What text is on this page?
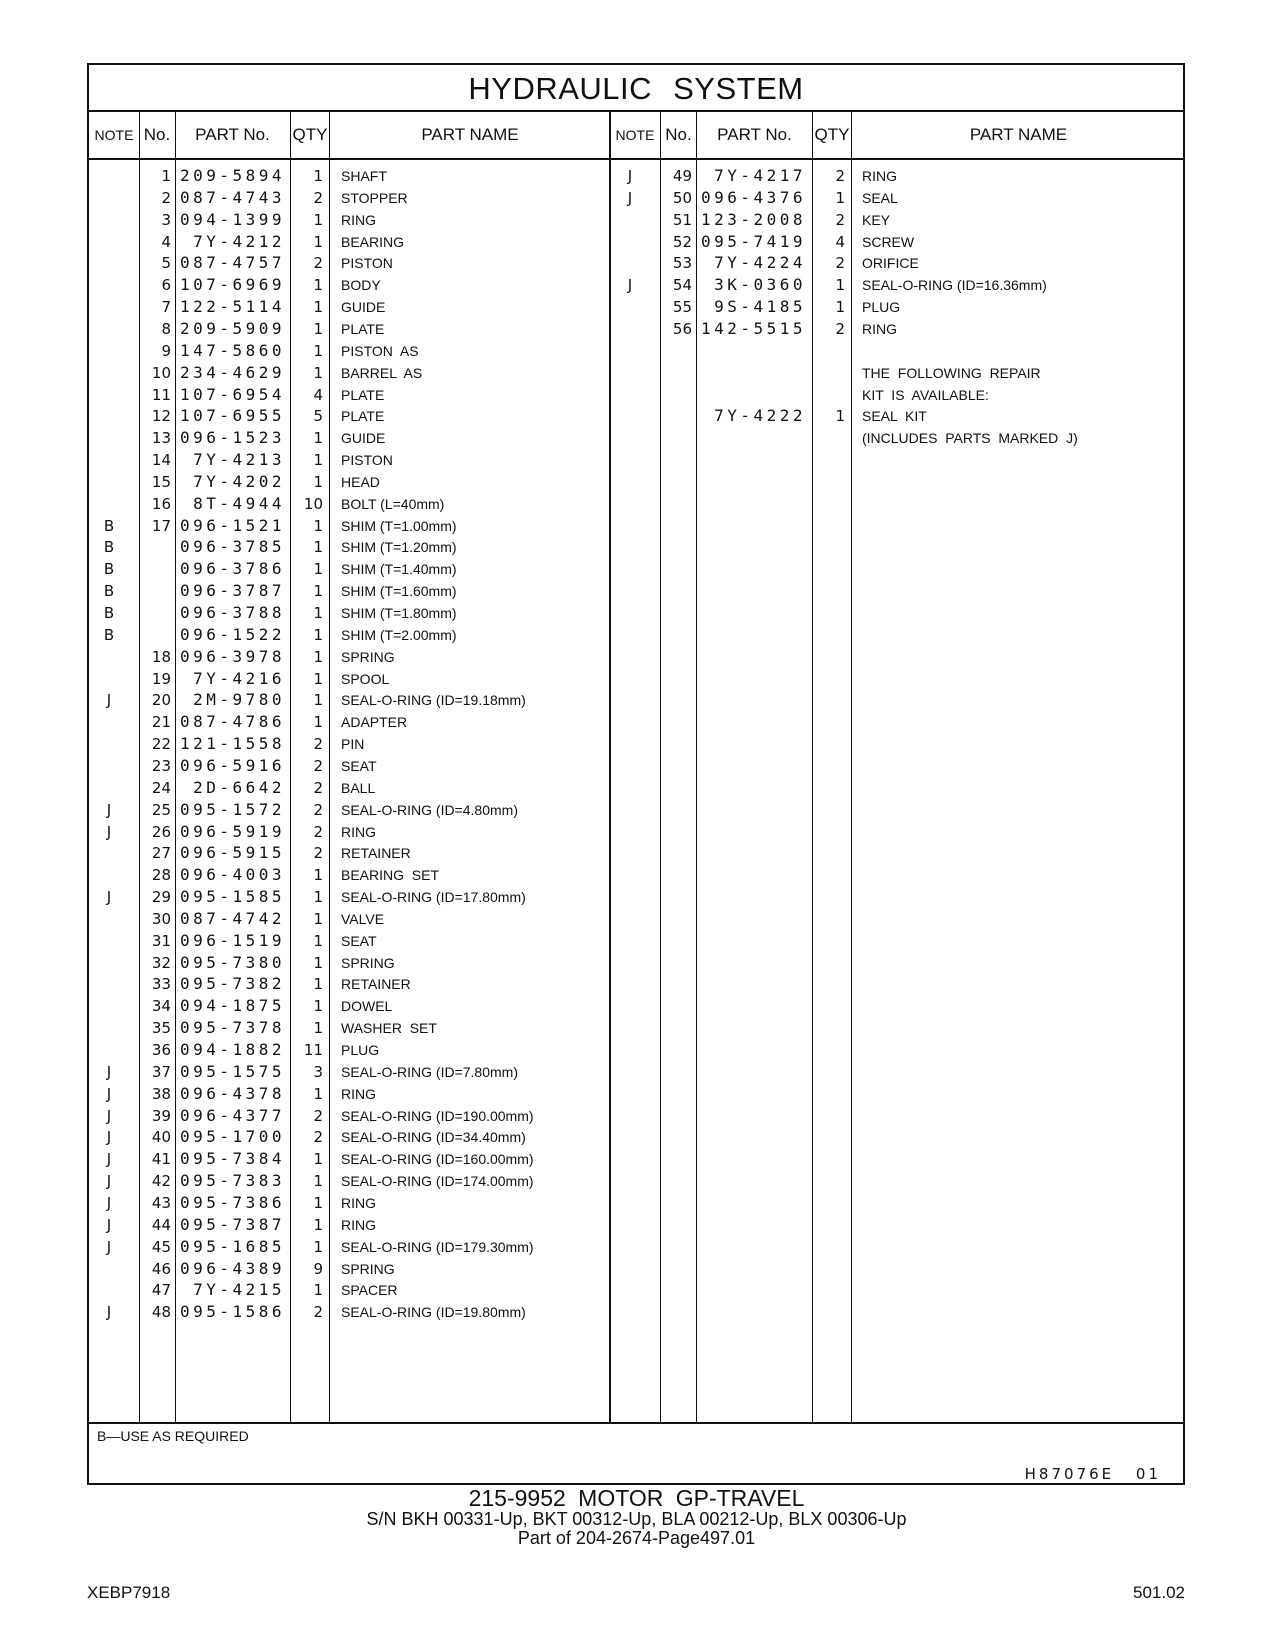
HYDRAULIC SYSTEM
NOTE No.	PART No.	QTY	PART NAME	NOTE No.	PART No.	QTY	PART NAME
1 209-5894	1 SHAFT
2 087-4743	2 STOPPER
3 094-1399	1 RING
4	7Y-4212	1 BEARING
5 087-4757	2 PISTON
6 107-6969	1 BODY
7 122-5114	1 GUIDE
8 209-5909	1 PLATE
9 147-5860	1 PISTON  AS
10 234-4629	1 BARREL  AS
11 107-6954	4 PLATE
12 107-6955	5 PLATE
13 096-1523	1 GUIDE
14	7Y-4213	1 PISTON
15	7Y-4202	1 HEAD
16	8T-4944	10 BOLT (L=40mm)
B	17 096-1521	1 SHIM (T=1.00mm)
B	096-3785	1 SHIM (T=1.20mm)
B	096-3786	1 SHIM (T=1.40mm)
B	096-3787	1 SHIM (T=1.60mm)
B	096-3788	1 SHIM (T=1.80mm)
B	096-1522	1 SHIM (T=2.00mm)
18 096-3978	1 SPRING
19	7Y-4216	1 SPOOL
J	20	2M-9780	1 SEAL-O-RING (ID=19.18mm)
21 087-4786	1 ADAPTER
22 121-1558	2 PIN
23 096-5916	2 SEAT
24	2D-6642	2 BALL
J	25 095-1572	2 SEAL-O-RING (ID=4.80mm)
J	26 096-5919	2 RING
27 096-5915	2 RETAINER
28 096-4003	1 BEARING  SET
J	29 095-1585	1 SEAL-O-RING (ID=17.80mm)
30 087-4742	1 VALVE
31 096-1519	1 SEAT
32 095-7380	1 SPRING
33 095-7382	1 RETAINER
34 094-1875	1 DOWEL
35 095-7378	1 WASHER  SET
36 094-1882	11 PLUG
J	37 095-1575	3 SEAL-O-RING (ID=7.80mm)
J	38 096-4378	1 RING
J	39 096-4377	2 SEAL-O-RING (ID=190.00mm)
J	40 095-1700	2 SEAL-O-RING (ID=34.40mm)
J	41 095-7384	1 SEAL-O-RING (ID=160.00mm)
J	42 095-7383	1 SEAL-O-RING (ID=174.00mm)
J	43 095-7386	1 RING
J	44 095-7387	1 RING
J	45 095-1685	1 SEAL-O-RING (ID=179.30mm)
46 096-4389	9 SPRING
47	7Y-4215	1 SPACER
J	48 095-1586	2 SEAL-O-RING (ID=19.80mm)
J	49	7Y-4217	2 RING
J	50 096-4376	1 SEAL
51 123-2008	2 KEY
52 095-7419	4 SCREW
53	7Y-4224	2 ORIFICE
J	54	3K-0360	1 SEAL-O-RING (ID=16.36mm)
55	9S-4185	1 PLUG
56 142-5515	2 RING
THE  FOLLOWING  REPAIR
KIT  IS  AVAILABLE:
7Y-4222	1 SEAL  KIT
(INCLUDES  PARTS  MARKED  J)
B—USE AS REQUIRED
H87076E 01
215-9952 MOTOR GP-TRAVEL
S/N BKH 00331-Up, BKT 00312-Up, BLA 00212-Up, BLX 00306-Up
Part of 204-2674-Page497.01
XEBP7918	501.02
